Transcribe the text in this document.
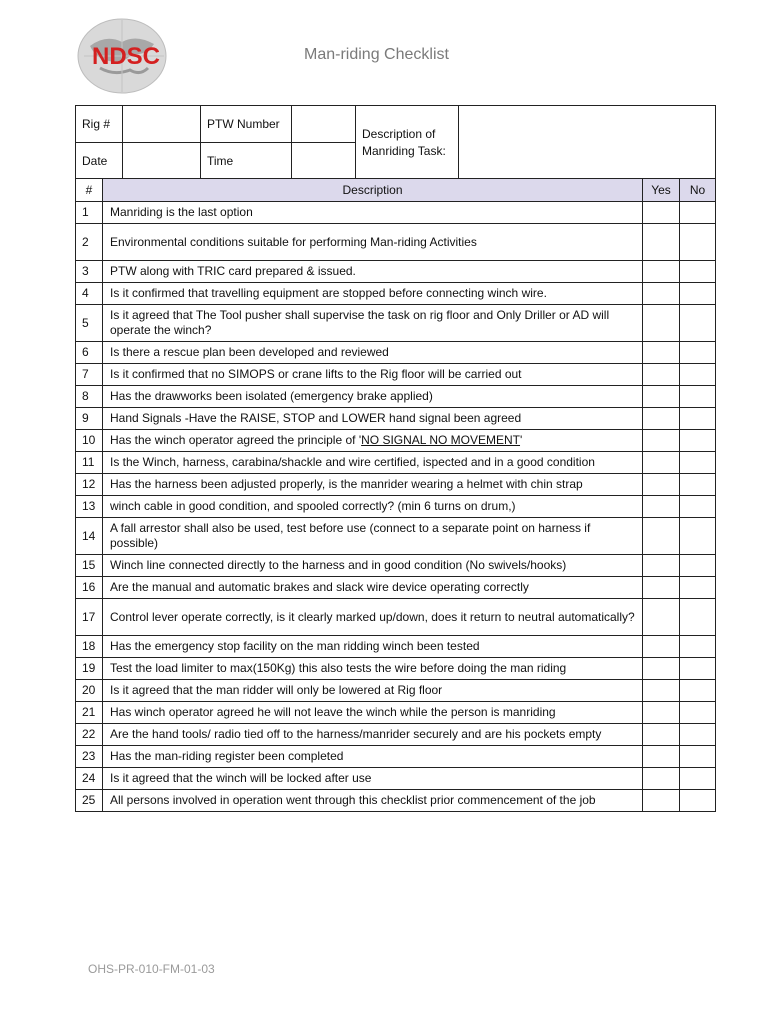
NDSC	Man-riding Checklist
Rig #		PTW Number		Description of Manriding Task:	
Date		Time			
#	Description	Yes	No
1	Manriding is the last option		
2	Environmental conditions suitable for performing Man-riding Activities		
3	PTW along with TRIC card prepared & issued.		
4	Is it confirmed that travelling equipment are stopped before connecting winch wire.		
5	Is it agreed that The Tool pusher shall supervise the task on rig floor and Only Driller or AD will operate the winch?		
6	Is there a rescue plan been developed and reviewed		
7	Is it confirmed that no SIMOPS or crane lifts to the Rig floor will be carried out		
8	Has the drawworks been isolated (emergency brake applied)		
9	Hand Signals -Have the RAISE, STOP and LOWER hand signal been agreed		
10	Has the winch operator agreed the principle of 'NO SIGNAL NO MOVEMENT'		
11	Is the Winch, harness, carabina/shackle and wire certified, ispected and in a good condition		
12	Has the harness been adjusted properly, is the manrider wearing a helmet with chin strap		
13	winch cable in good condition, and spooled correctly? (min 6 turns on drum,)		
14	A fall arrestor shall also be used, test before use (connect to a separate point on harness if possible)		
15	Winch line connected directly to the harness and in good condition (No swivels/hooks)		
16	Are the manual and automatic brakes and slack wire device operating correctly		
17	Control lever operate correctly, is it clearly marked up/down, does it return to neutral automatically?		
18	Has the emergency stop facility on the man ridding winch been tested		
19	Test the load limiter to max(150Kg) this also tests the wire before doing the man riding		
20	Is it agreed that the man ridder will only be lowered at Rig floor		
21	Has winch operator agreed he will not leave the winch while the person is manriding		
22	Are the hand tools/ radio tied off to the harness/manrider securely and are his pockets empty		
23	Has the man-riding register been completed		
24	Is it agreed that the winch will be locked after use		
25	All persons involved in operation went through this checklist prior commencement of the job		
OHS-PR-010-FM-01-03
